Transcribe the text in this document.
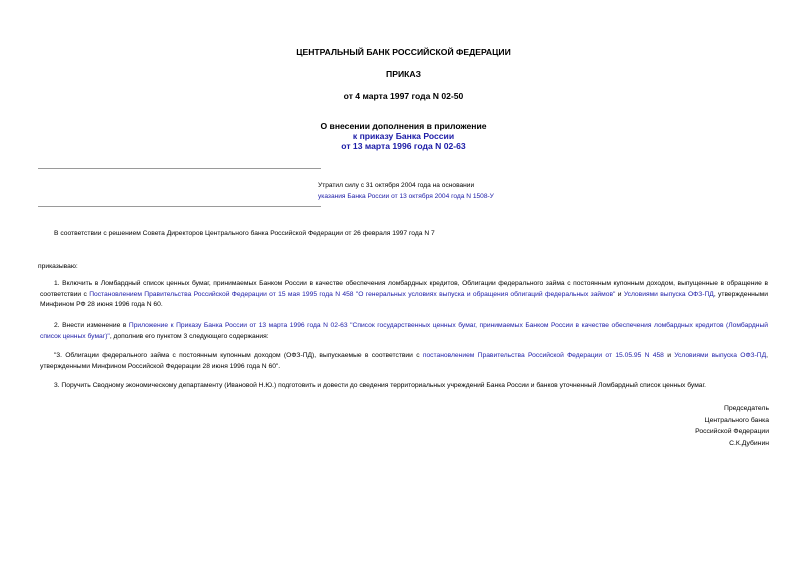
ЦЕНТРАЛЬНЫЙ БАНК РОССИЙСКОЙ ФЕДЕРАЦИИ
ПРИКАЗ
от 4 марта 1997 года N 02-50
О внесении дополнения в приложение
к приказу Банка России
от 13 марта 1996 года N 02-63
Утратил силу с 31 октября 2004 года на основании
указания Банка России от 13 октября 2004 года N 1508-У
В соответствии с решением Совета Директоров Центрального банка Российской Федерации от 26 февраля 1997 года N 7
приказываю:
1. Включить в Ломбардный список ценных бумаг, принимаемых Банком России в качестве обеспечения ломбардных кредитов, Облигации федерального займа с постоянным купонным доходом, выпущенные в обращение в соответствии с Постановлением Правительства Российской Федерации от 15 мая 1995 года N 458 "О генеральных условиях выпуска и обращения облигаций федеральных займов" и Условиями выпуска ОФЗ-ПД, утвержденными Минфином РФ 28 июня 1996 года N 60.
2. Внести изменение в Приложение к Приказу Банка России от 13 марта 1996 года N 02-63 "Список государственных ценных бумаг, принимаемых Банком России в качестве обеспечения ломбардных кредитов (Ломбардный список ценных бумаг)", дополнив его пунктом 3 следующего содержания:
"3. Облигации федерального займа с постоянным купонным доходом (ОФЗ-ПД), выпускаемые в соответствии с постановлением Правительства Российской Федерации от 15.05.95 N 458 и Условиями выпуска ОФЗ-ПД, утвержденными Минфином Российской Федерации 28 июня 1996 года N 60".
3. Поручить Сводному экономическому департаменту (Ивановой Н.Ю.) подготовить и довести до сведения территориальных учреждений Банка России и банков уточненный Ломбардный список ценных бумаг.
Председатель
Центрального банка
Российской Федерации
С.К.Дубинин
